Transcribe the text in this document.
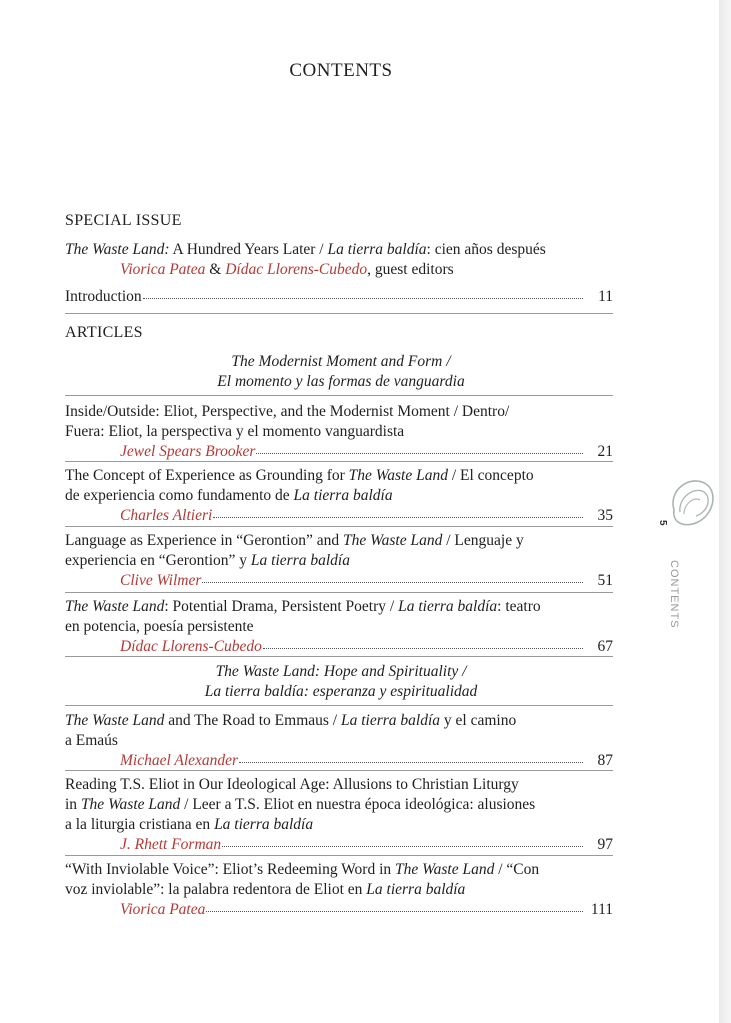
CONTENTS
SPECIAL ISSUE
The Waste Land: A Hundred Years Later / La tierra baldía: cien años después
Viorica Patea & Dídac Llorens-Cubedo, guest editors
Introduction	11
ARTICLES
The Modernist Moment and Form /
El momento y las formas de vanguardia
Inside/Outside: Eliot, Perspective, and the Modernist Moment / Dentro/
Fuera: Eliot, la perspectiva y el momento vanguardista
Jewel Spears Brooker	21
The Concept of Experience as Grounding for The Waste Land / El concepto
de experiencia como fundamento de La tierra baldía
Charles Altieri	35
Language as Experience in “Gerontion” and The Waste Land / Lenguaje y
experiencia en “Gerontion” y La tierra baldía
Clive Wilmer	51
The Waste Land: Potential Drama, Persistent Poetry / La tierra baldía: teatro
en potencia, poesía persistente
Dídac Llorens-Cubedo	67
The Waste Land: Hope and Spirituality /
La tierra baldía: esperanza y espiritualidad
The Waste Land and The Road to Emmaus / La tierra baldía y el camino
a Emaús
Michael Alexander	87
Reading T.S. Eliot in Our Ideological Age: Allusions to Christian Liturgy
in The Waste Land / Leer a T.S. Eliot en nuestra época ideológica: alusiones
a la liturgia cristiana en La tierra baldía
J. Rhett Forman	97
“With Inviolable Voice”: Eliot’s Redeeming Word in The Waste Land / “Con
voz inviolable”: la palabra redentora de Eliot en La tierra baldía
Viorica Patea	111
5
CONTENTS
